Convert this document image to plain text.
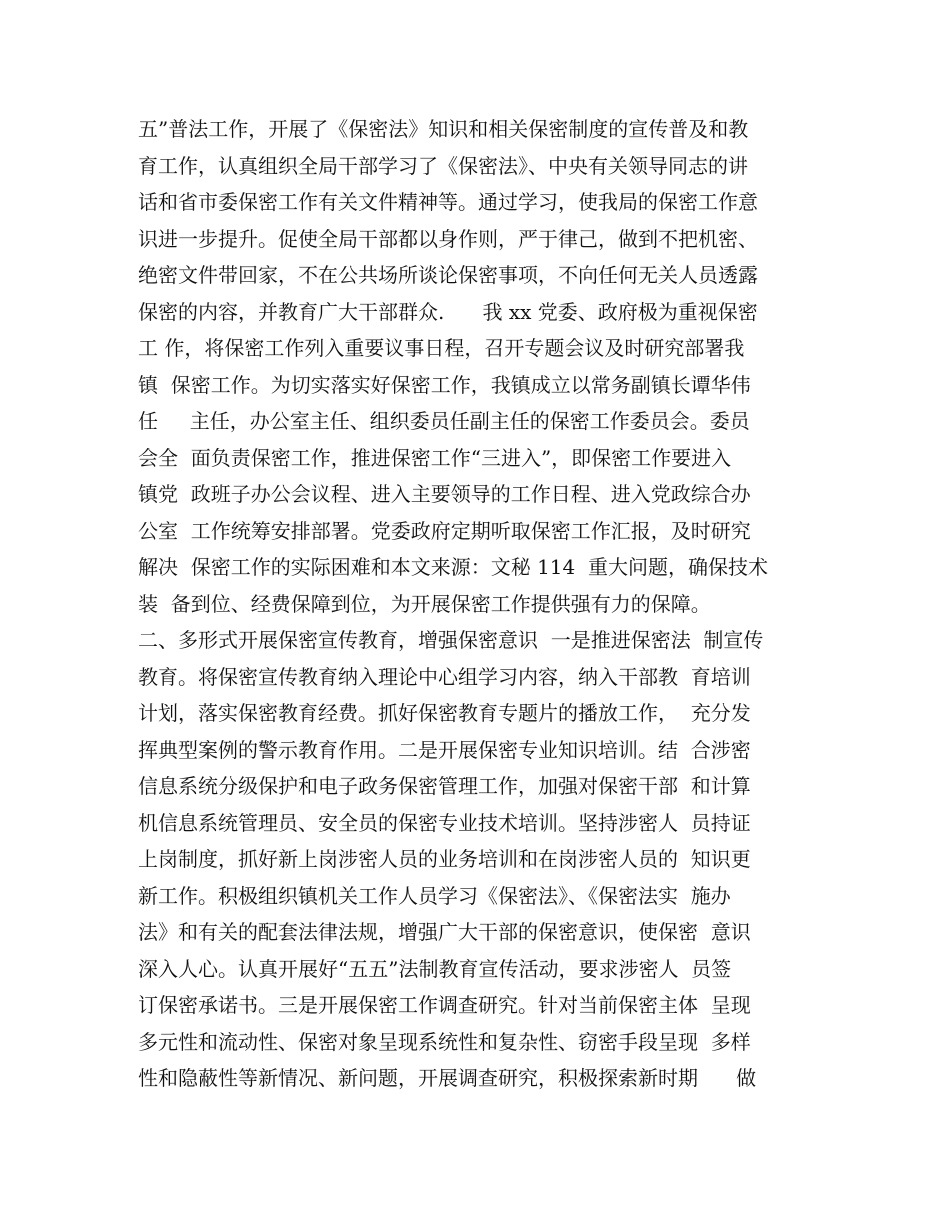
五”普法工作，开展了《保密法》知识和相关保密制度的宣传普及和教
育工作，认真组织全局干部学习了《保密法》、中央有关领导同志的讲
话和省市委保密工作有关文件精神等。通过学习，使我局的保密工作意
识进一步提升。促使全局干部都以身作则，严于律己，做到不把机密、
绝密文件带回家，不在公共场所谈论保密事项，不向任何无关人员透露
保密的内容，并教育广大干部群众.      我 xx 党委、政府极为重视保密
工 作，将保密工作列入重要议事日程，召开专题会议及时研究部署我
镇  保密工作。为切实落实好保密工作，我镇成立以常务副镇长谭华伟
任     主任，办公室主任、组织委员任副主任的保密工作委员会。委员
会全  面负责保密工作，推进保密工作“三进入”，即保密工作要进入
镇党  政班子办公会议程、进入主要领导的工作日程、进入党政综合办
公室  工作统筹安排部署。党委政府定期听取保密工作汇报，及时研究
解决  保密工作的实际困难和本文来源：文秘 114  重大问题，确保技术
装  备到位、经费保障到位，为开展保密工作提供强有力的保障。
二、多形式开展保密宣传教育，增强保密意识  一是推进保密法  制宣传
教育。将保密宣传教育纳入理论中心组学习内容，纳入干部教  育培训
计划，落实保密教育经费。抓好保密教育专题片的播放工作，  充分发
挥典型案例的警示教育作用。二是开展保密专业知识培训。结  合涉密
信息系统分级保护和电子政务保密管理工作，加强对保密干部  和计算
机信息系统管理员、安全员的保密专业技术培训。坚持涉密人  员持证
上岗制度，抓好新上岗涉密人员的业务培训和在岗涉密人员的  知识更
新工作。积极组织镇机关工作人员学习《保密法》、《保密法实  施办
法》和有关的配套法律法规，增强广大干部的保密意识，使保密  意识
深入人心。认真开展好“五五”法制教育宣传活动，要求涉密人  员签
订保密承诺书。三是开展保密工作调查研究。针对当前保密主体  呈现
多元性和流动性、保密对象呈现系统性和复杂性、窃密手段呈现  多样
性和隐蔽性等新情况、新问题，开展调查研究，积极探索新时期      做
